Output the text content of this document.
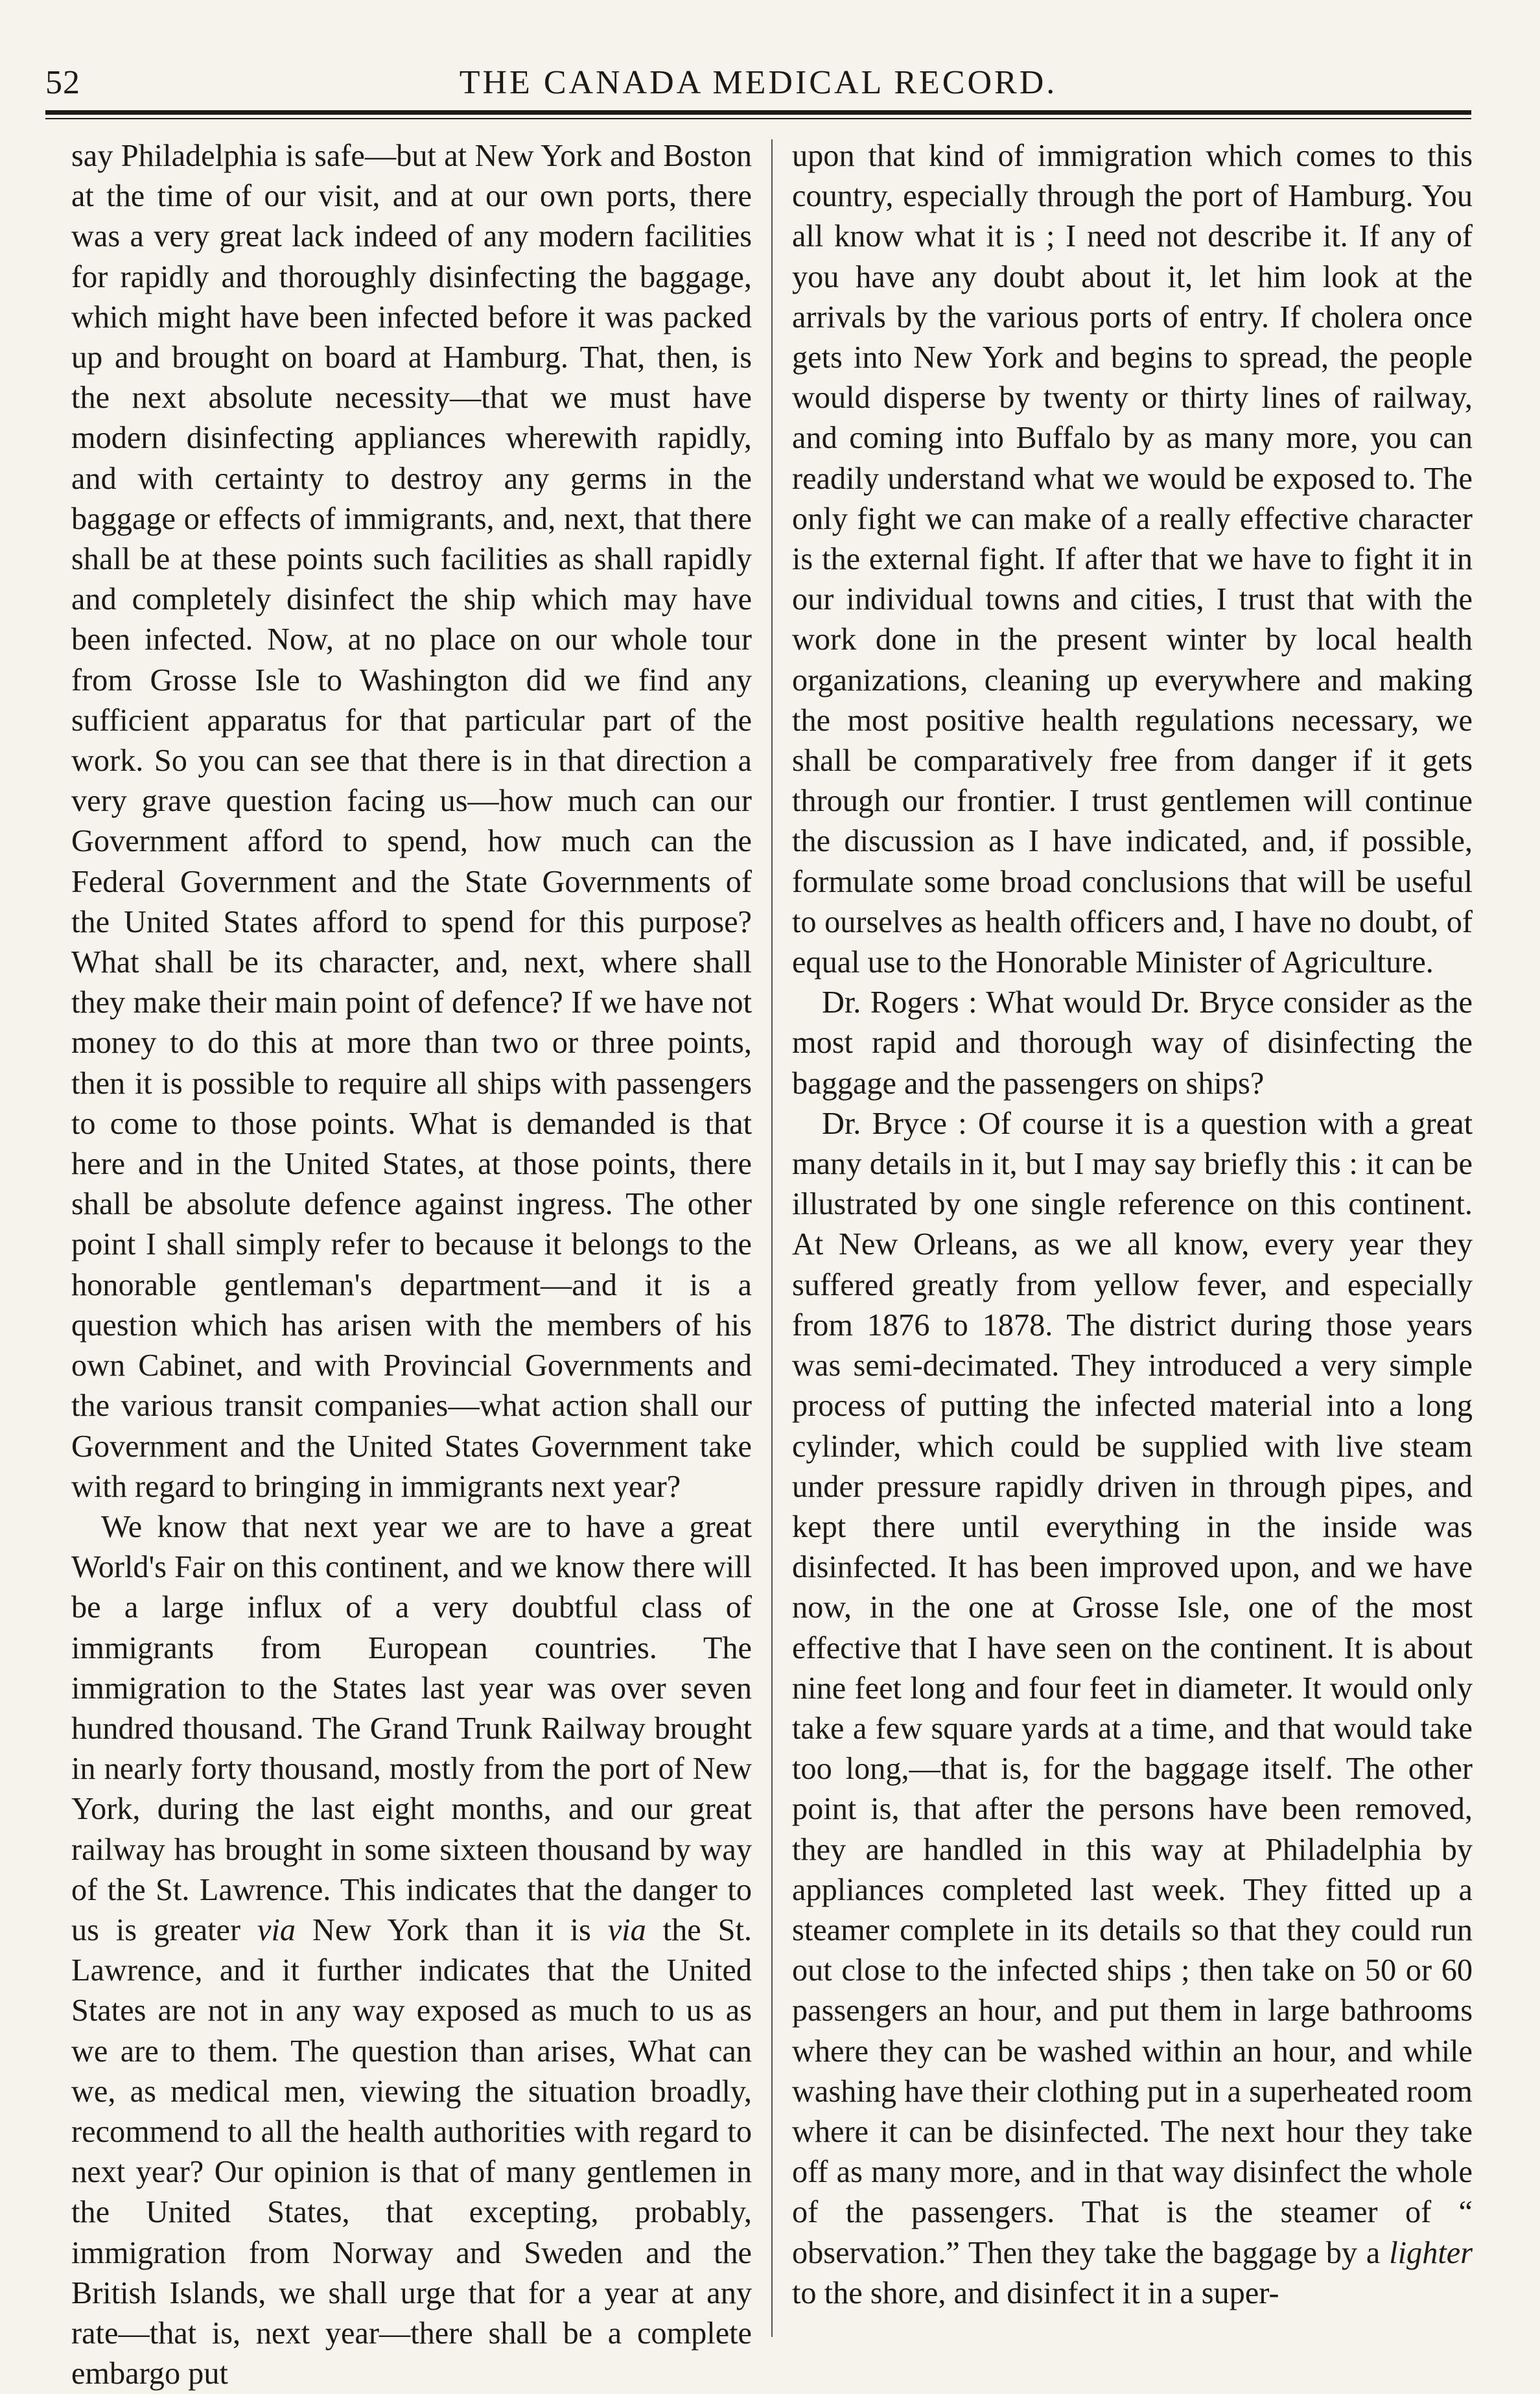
52	THE CANADA MEDICAL RECORD.

say Philadelphia is safe—but at New York and Boston at the time of our visit, and at our own ports, there was a very great lack indeed of any modern facilities for rapidly and thoroughly disinfecting the baggage, which might have been infected before it was packed up and brought on board at Hamburg. That, then, is the next absolute necessity—that we must have modern disinfecting appliances wherewith rapidly, and with certainty to destroy any germs in the baggage or effects of immigrants, and, next, that there shall be at these points such facilities as shall rapidly and completely disinfect the ship which may have been infected. Now, at no place on our whole tour from Grosse Isle to Washington did we find any sufficient apparatus for that particular part of the work. So you can see that there is in that direction a very grave question facing us—how much can our Government afford to spend, how much can the Federal Government and the State Governments of the United States afford to spend for this purpose? What shall be its character, and, next, where shall they make their main point of defence? If we have not money to do this at more than two or three points, then it is possible to require all ships with passengers to come to those points. What is demanded is that here and in the United States, at those points, there shall be absolute defence against ingress. The other point I shall simply refer to because it belongs to the honorable gentleman's department—and it is a question which has arisen with the members of his own Cabinet, and with Provincial Governments and the various transit companies—what action shall our Government and the United States Government take with regard to bringing in immigrants next year?

We know that next year we are to have a great World's Fair on this continent, and we know there will be a large influx of a very doubtful class of immigrants from European countries. The immigration to the States last year was over seven hundred thousand. The Grand Trunk Railway brought in nearly forty thousand, mostly from the port of New York, during the last eight months, and our great railway has brought in some sixteen thousand by way of the St. Lawrence. This indicates that the danger to us is greater via New York than it is via the St. Lawrence, and it further indicates that the United States are not in any way exposed as much to us as we are to them. The question than arises, What can we, as medical men, viewing the situation broadly, recommend to all the health authorities with regard to next year? Our opinion is that of many gentlemen in the United States, that excepting, probably, immigration from Norway and Sweden and the British Islands, we shall urge that for a year at any rate—that is, next year—there shall be a complete embargo put

upon that kind of immigration which comes to this country, especially through the port of Hamburg. You all know what it is ; I need not describe it. If any of you have any doubt about it, let him look at the arrivals by the various ports of entry. If cholera once gets into New York and begins to spread, the people would disperse by twenty or thirty lines of railway, and coming into Buffalo by as many more, you can readily understand what we would be exposed to. The only fight we can make of a really effective character is the external fight. If after that we have to fight it in our individual towns and cities, I trust that with the work done in the present winter by local health organizations, cleaning up everywhere and making the most positive health regulations necessary, we shall be comparatively free from danger if it gets through our frontier. I trust gentlemen will continue the discussion as I have indicated, and, if possible, formulate some broad conclusions that will be useful to ourselves as health officers and, I have no doubt, of equal use to the Honorable Minister of Agriculture.

Dr. Rogers : What would Dr. Bryce consider as the most rapid and thorough way of disinfecting the baggage and the passengers on ships?

Dr. Bryce : Of course it is a question with a great many details in it, but I may say briefly this : it can be illustrated by one single reference on this continent. At New Orleans, as we all know, every year they suffered greatly from yellow fever, and especially from 1876 to 1878. The district during those years was semi-decimated. They introduced a very simple process of putting the infected material into a long cylinder, which could be supplied with live steam under pressure rapidly driven in through pipes, and kept there until everything in the inside was disinfected. It has been improved upon, and we have now, in the one at Grosse Isle, one of the most effective that I have seen on the continent. It is about nine feet long and four feet in diameter. It would only take a few square yards at a time, and that would take too long,—that is, for the baggage itself. The other point is, that after the persons have been removed, they are handled in this way at Philadelphia by appliances completed last week. They fitted up a steamer complete in its details so that they could run out close to the infected ships ; then take on 50 or 60 passengers an hour, and put them in large bathrooms where they can be washed within an hour, and while washing have their clothing put in a superheated room where it can be disinfected. The next hour they take off as many more, and in that way disinfect the whole of the passengers. That is the steamer of “ observation.” Then they take the baggage by a lighter to the shore, and disinfect it in a super-
